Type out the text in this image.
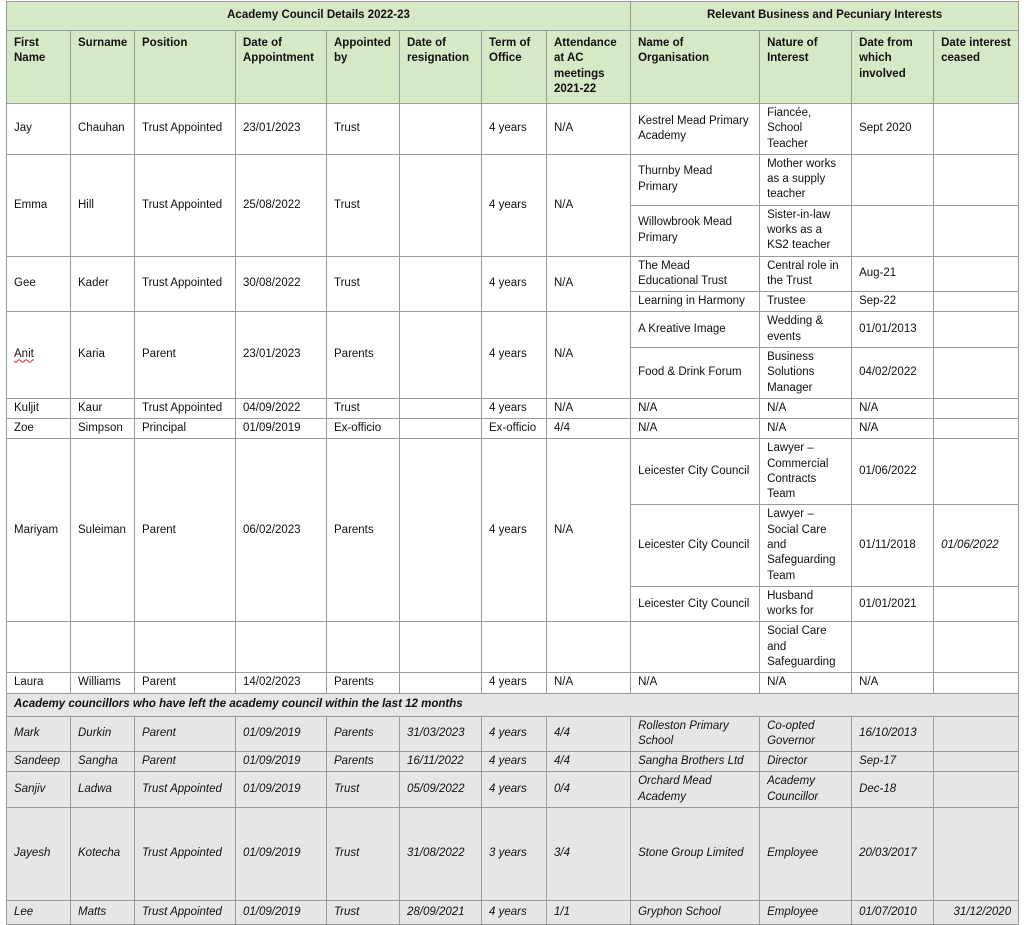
Academy Council Details 2022-23								Relevant Business and Pecuniary Interests			
First Name	Surname	Position	Date of Appointment	Appointed by	Date of resignation	Term of Office	Attendance at AC meetings 2021-22	Name of Organisation	Nature of Interest	Date from which involved	Date interest ceased
Jay	Chauhan	Trust Appointed	23/01/2023	Trust		4 years	N/A	Kestrel Mead Primary Academy	Fiancée, School Teacher	Sept 2020	
Emma	Hill	Trust Appointed	25/08/2022	Trust		4 years	N/A	Thurnby Mead Primary	Mother works as a supply teacher		
								Willowbrook Mead Primary	Sister-in-law works as a KS2 teacher		
Gee	Kader	Trust Appointed	30/08/2022	Trust		4 years	N/A	The Mead Educational Trust	Central role in the Trust	Aug-21	
								Learning in Harmony	Trustee	Sep-22	
Anit	Karia	Parent	23/01/2023	Parents		4 years	N/A	A Kreative Image	Wedding & events	01/01/2013	
								Food & Drink Forum	Business Solutions Manager	04/02/2022	
Kuljit	Kaur	Trust Appointed	04/09/2022	Trust		4 years	N/A	N/A	N/A	N/A	
Zoe	Simpson	Principal	01/09/2019	Ex-officio		Ex-officio	4/4	N/A	N/A	N/A	
Mariyam	Suleiman	Parent	06/02/2023	Parents		4 years	N/A	Leicester City Council	Lawyer – Commercial Contracts Team	01/06/2022	
								Leicester City Council	Lawyer – Social Care and Safeguarding Team	01/11/2018	01/06/2022
								Leicester City Council	Husband works for	01/01/2021	
									Social Care and Safeguarding		
Laura	Williams	Parent	14/02/2023	Parents		4 years	N/A	N/A	N/A	N/A	
Academy councillors who have left the academy council within the last 12 months											
Mark	Durkin	Parent	01/09/2019	Parents	31/03/2023	4 years	4/4	Rolleston Primary School	Co-opted Governor	16/10/2013	
Sandeep	Sangha	Parent	01/09/2019	Parents	16/11/2022	4 years	4/4	Sangha Brothers Ltd	Director	Sep-17	
Sanjiv	Ladwa	Trust Appointed	01/09/2019	Trust	05/09/2022	4 years	0/4	Orchard Mead Academy	Academy Councillor	Dec-18	
Jayesh	Kotecha	Trust Appointed	01/09/2019	Trust	31/08/2022	3 years	3/4	Stone Group Limited	Employee	20/03/2017	
Lee	Matts	Trust Appointed	01/09/2019	Trust	28/09/2021	4 years	1/1	Gryphon School	Employee	01/07/2010	31/12/2020
